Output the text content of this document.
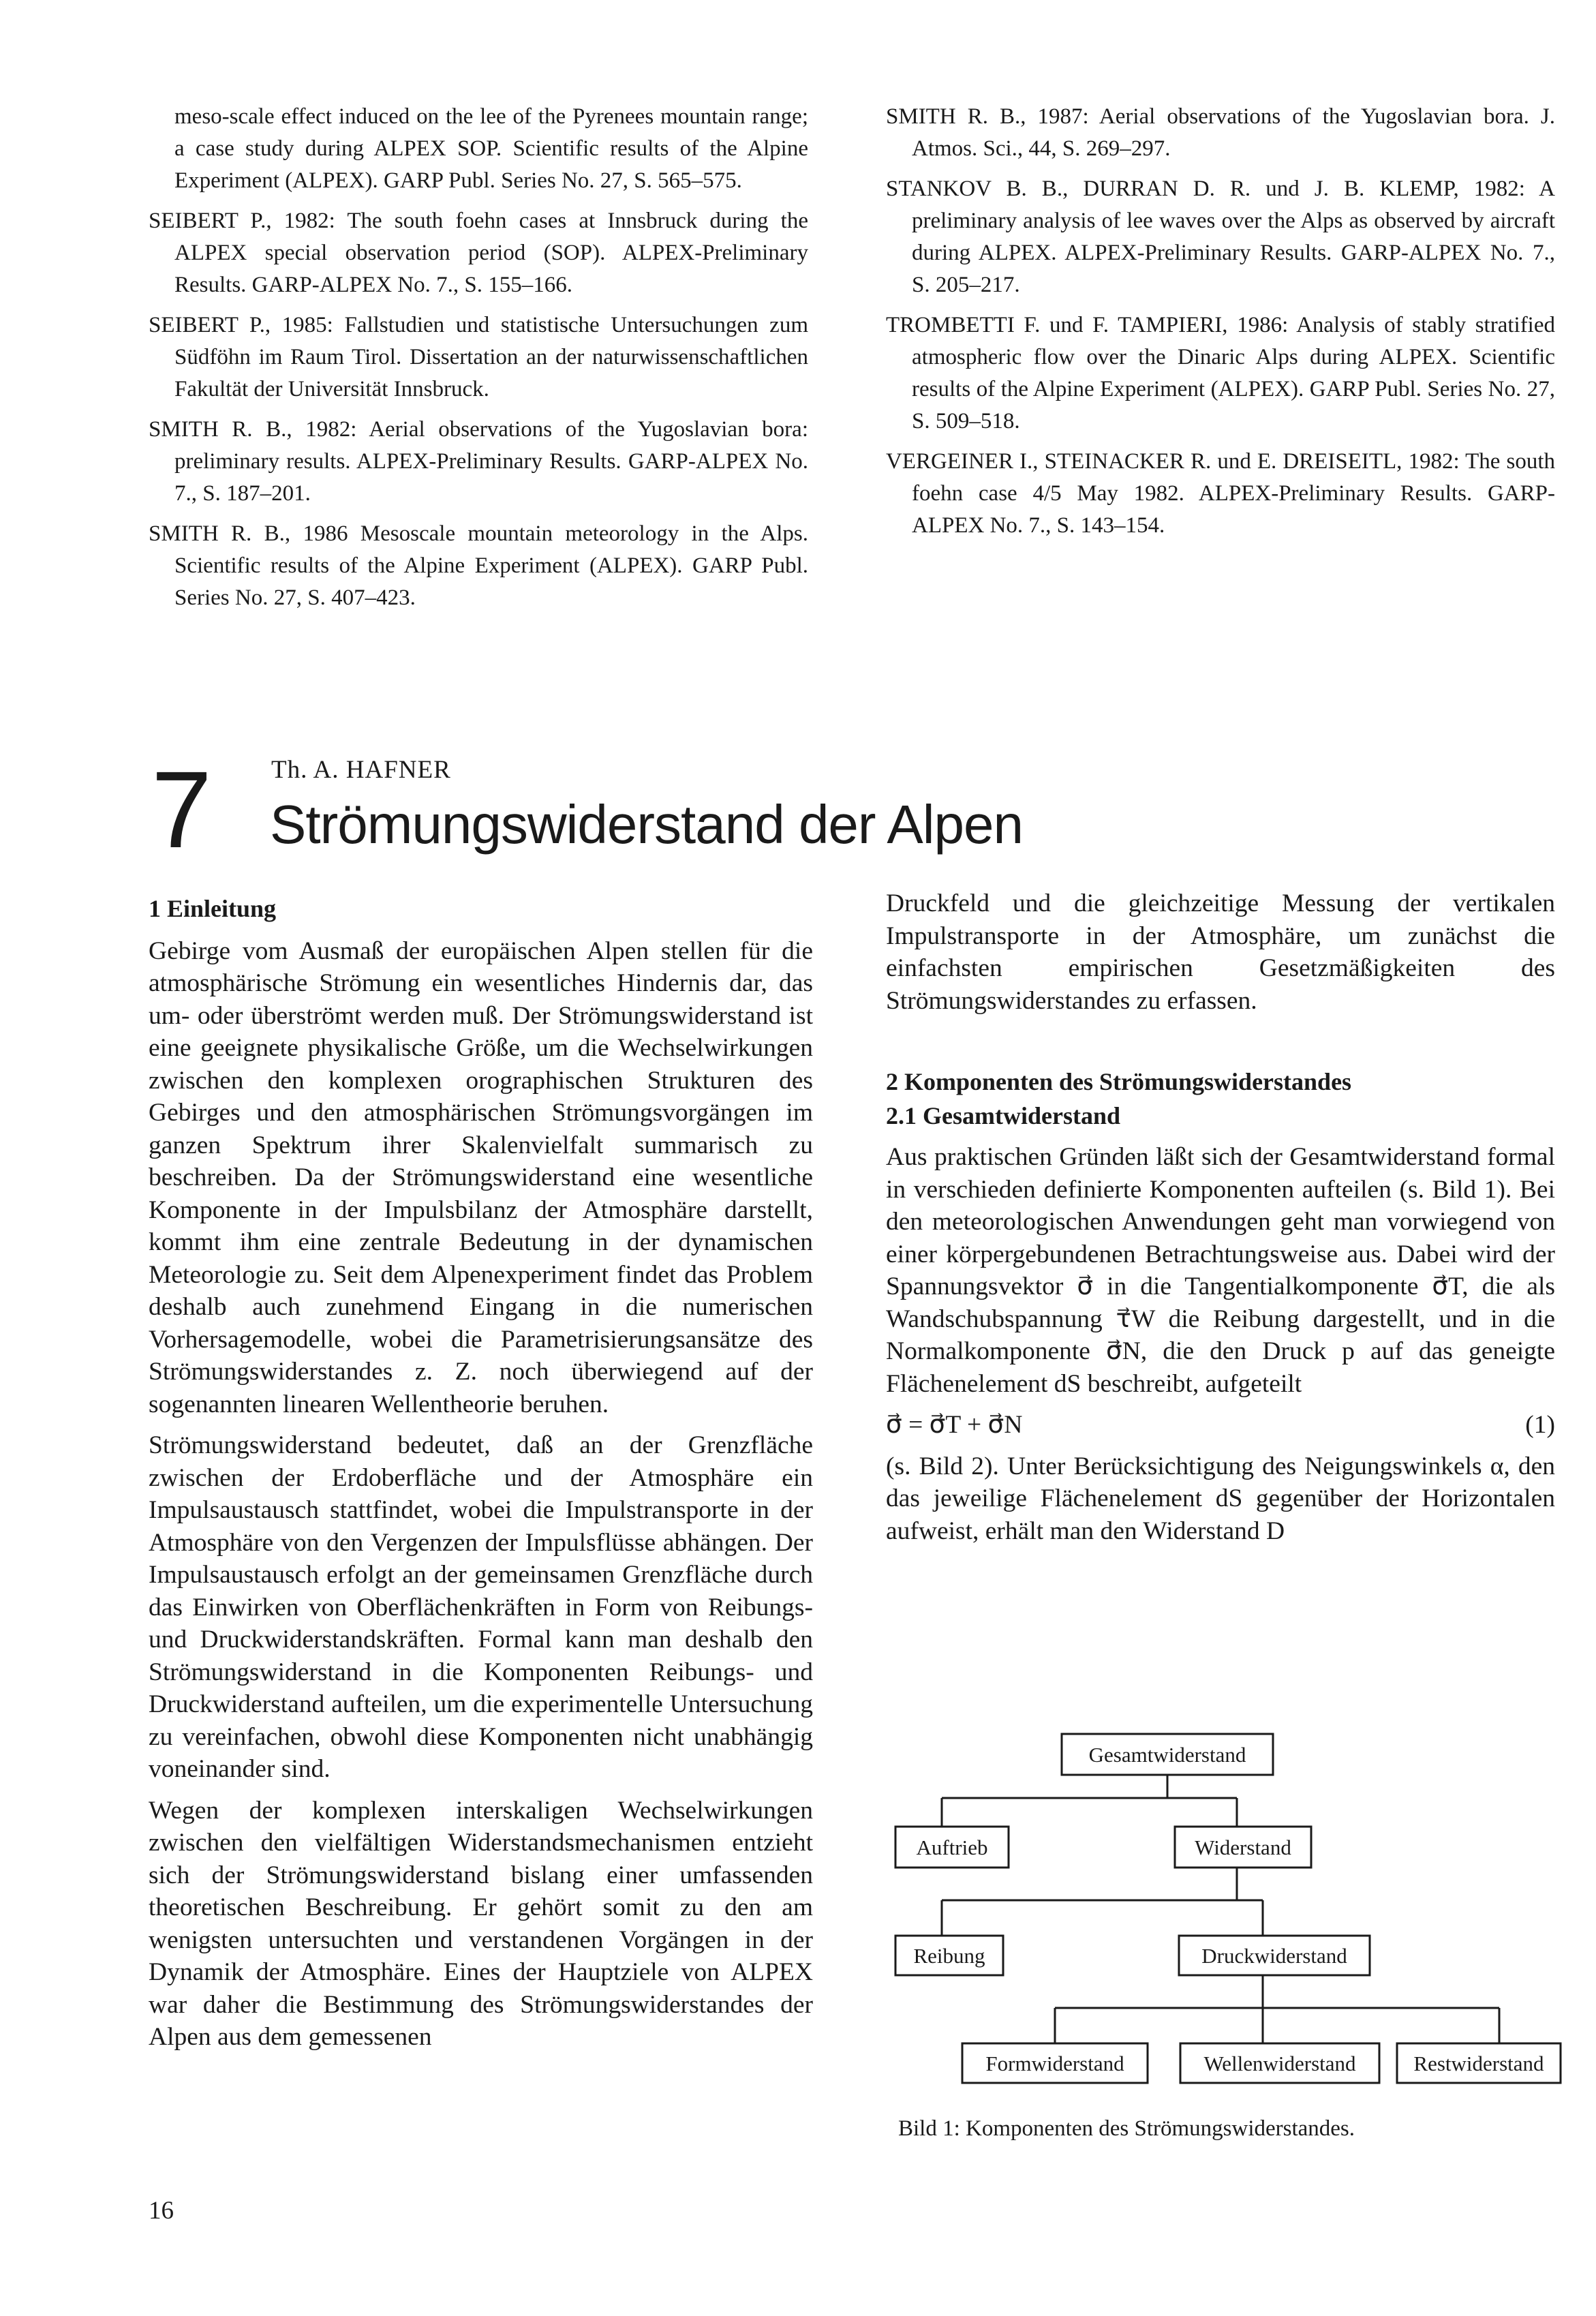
meso-scale effect induced on the lee of the Pyrenees mountain range; a case study during ALPEX SOP. Scientific results of the Alpine Experiment (ALPEX). GARP Publ. Series No. 27, S. 565–575.
SEIBERT P., 1982: The south foehn cases at Innsbruck during the ALPEX special observation period (SOP). ALPEX-Preliminary Results. GARP-ALPEX No. 7., S. 155–166.
SEIBERT P., 1985: Fallstudien und statistische Untersuchungen zum Südföhn im Raum Tirol. Dissertation an der naturwissenschaftlichen Fakultät der Universität Innsbruck.
SMITH R. B., 1982: Aerial observations of the Yugoslavian bora: preliminary results. ALPEX-Preliminary Results. GARP-ALPEX No. 7., S. 187–201.
SMITH R. B., 1986 Mesoscale mountain meteorology in the Alps. Scientific results of the Alpine Experiment (ALPEX). GARP Publ. Series No. 27, S. 407–423.
SMITH R. B., 1987: Aerial observations of the Yugoslavian bora. J. Atmos. Sci., 44, S. 269–297.
STANKOV B. B., DURRAN D. R. und J. B. KLEMP, 1982: A preliminary analysis of lee waves over the Alps as observed by aircraft during ALPEX. ALPEX-Preliminary Results. GARP-ALPEX No. 7., S. 205–217.
TROMBETTI F. und F. TAMPIERI, 1986: Analysis of stably stratified atmospheric flow over the Dinaric Alps during ALPEX. Scientific results of the Alpine Experiment (ALPEX). GARP Publ. Series No. 27, S. 509–518.
VERGEINER I., STEINACKER R. und E. DREISEITL, 1982: The south foehn case 4/5 May 1982. ALPEX-Preliminary Results. GARP-ALPEX No. 7., S. 143–154.
7 Th. A. HAFNER
Strömungswiderstand der Alpen
1 Einleitung

Gebirge vom Ausmaß der europäischen Alpen stellen für die atmosphärische Strömung ein wesentliches Hindernis dar, das um- oder überströmt werden muß. Der Strömungswiderstand ist eine geeignete physikalische Größe, um die Wechselwirkungen zwischen den komplexen orographischen Strukturen des Gebirges und den atmosphärischen Strömungsvorgängen im ganzen Spektrum ihrer Skalenvielfalt summarisch zu beschreiben. Da der Strömungswiderstand eine wesentliche Komponente in der Impulsbilanz der Atmosphäre darstellt, kommt ihm eine zentrale Bedeutung in der dynamischen Meteorologie zu. Seit dem Alpenexperiment findet das Problem deshalb auch zunehmend Eingang in die numerischen Vorhersagemodelle, wobei die Parametrisierungsansätze des Strömungswiderstandes z. Z. noch überwiegend auf der sogenannten linearen Wellentheorie beruhen.

Strömungswiderstand bedeutet, daß an der Grenzfläche zwischen der Erdoberfläche und der Atmosphäre ein Impulsaustausch stattfindet, wobei die Impulstransporte in der Atmosphäre von den Vergenzen der Impulsflüsse abhängen. Der Impulsaustausch erfolgt an der gemeinsamen Grenzfläche durch das Einwirken von Oberflächenkräften in Form von Reibungs- und Druckwiderstandskräften. Formal kann man deshalb den Strömungswiderstand in die Komponenten Reibungs- und Druckwiderstand aufteilen, um die experimentelle Untersuchung zu vereinfachen, obwohl diese Komponenten nicht unabhängig voneinander sind.

Wegen der komplexen interskaligen Wechselwirkungen zwischen den vielfältigen Widerstandsmechanismen entzieht sich der Strömungswiderstand bislang einer umfassenden theoretischen Beschreibung. Er gehört somit zu den am wenigsten untersuchten und verstandenen Vorgängen in der Dynamik der Atmosphäre. Eines der Hauptziele von ALPEX war daher die Bestimmung des Strömungswiderstandes der Alpen aus dem gemessenen

Druckfeld und die gleichzeitige Messung der vertikalen Impulstransporte in der Atmosphäre, um zunächst die einfachsten empirischen Gesetzmäßigkeiten des Strömungswiderstandes zu erfassen.

2 Komponenten des Strömungswiderstandes
2.1 Gesamtwiderstand

Aus praktischen Gründen läßt sich der Gesamtwiderstand formal in verschieden definierte Komponenten aufteilen (s. Bild 1). Bei den meteorologischen Anwendungen geht man vorwiegend von einer körpergebundenen Betrachtungsweise aus. Dabei wird der Spannungsvektor σ⃗ in die Tangentialkomponente σ⃗T, die als Wandschubspannung τ⃗W die Reibung dargestellt, und in die Normalkomponente σ⃗N, die den Druck p auf das geneigte Flächenelement dS beschreibt, aufgeteilt

σ⃗ = σ⃗T + σ⃗N	(1)

(s. Bild 2). Unter Berücksichtigung des Neigungswinkels α, den das jeweilige Flächenelement dS gegenüber der Horizontalen aufweist, erhält man den Widerstand D

Gesamtwiderstand
Auftrieb	Widerstand
Reibung	Druckwiderstand
Formwiderstand	Wellenwiderstand	Restwiderstand
Bild 1: Komponenten des Strömungswiderstandes.
16
